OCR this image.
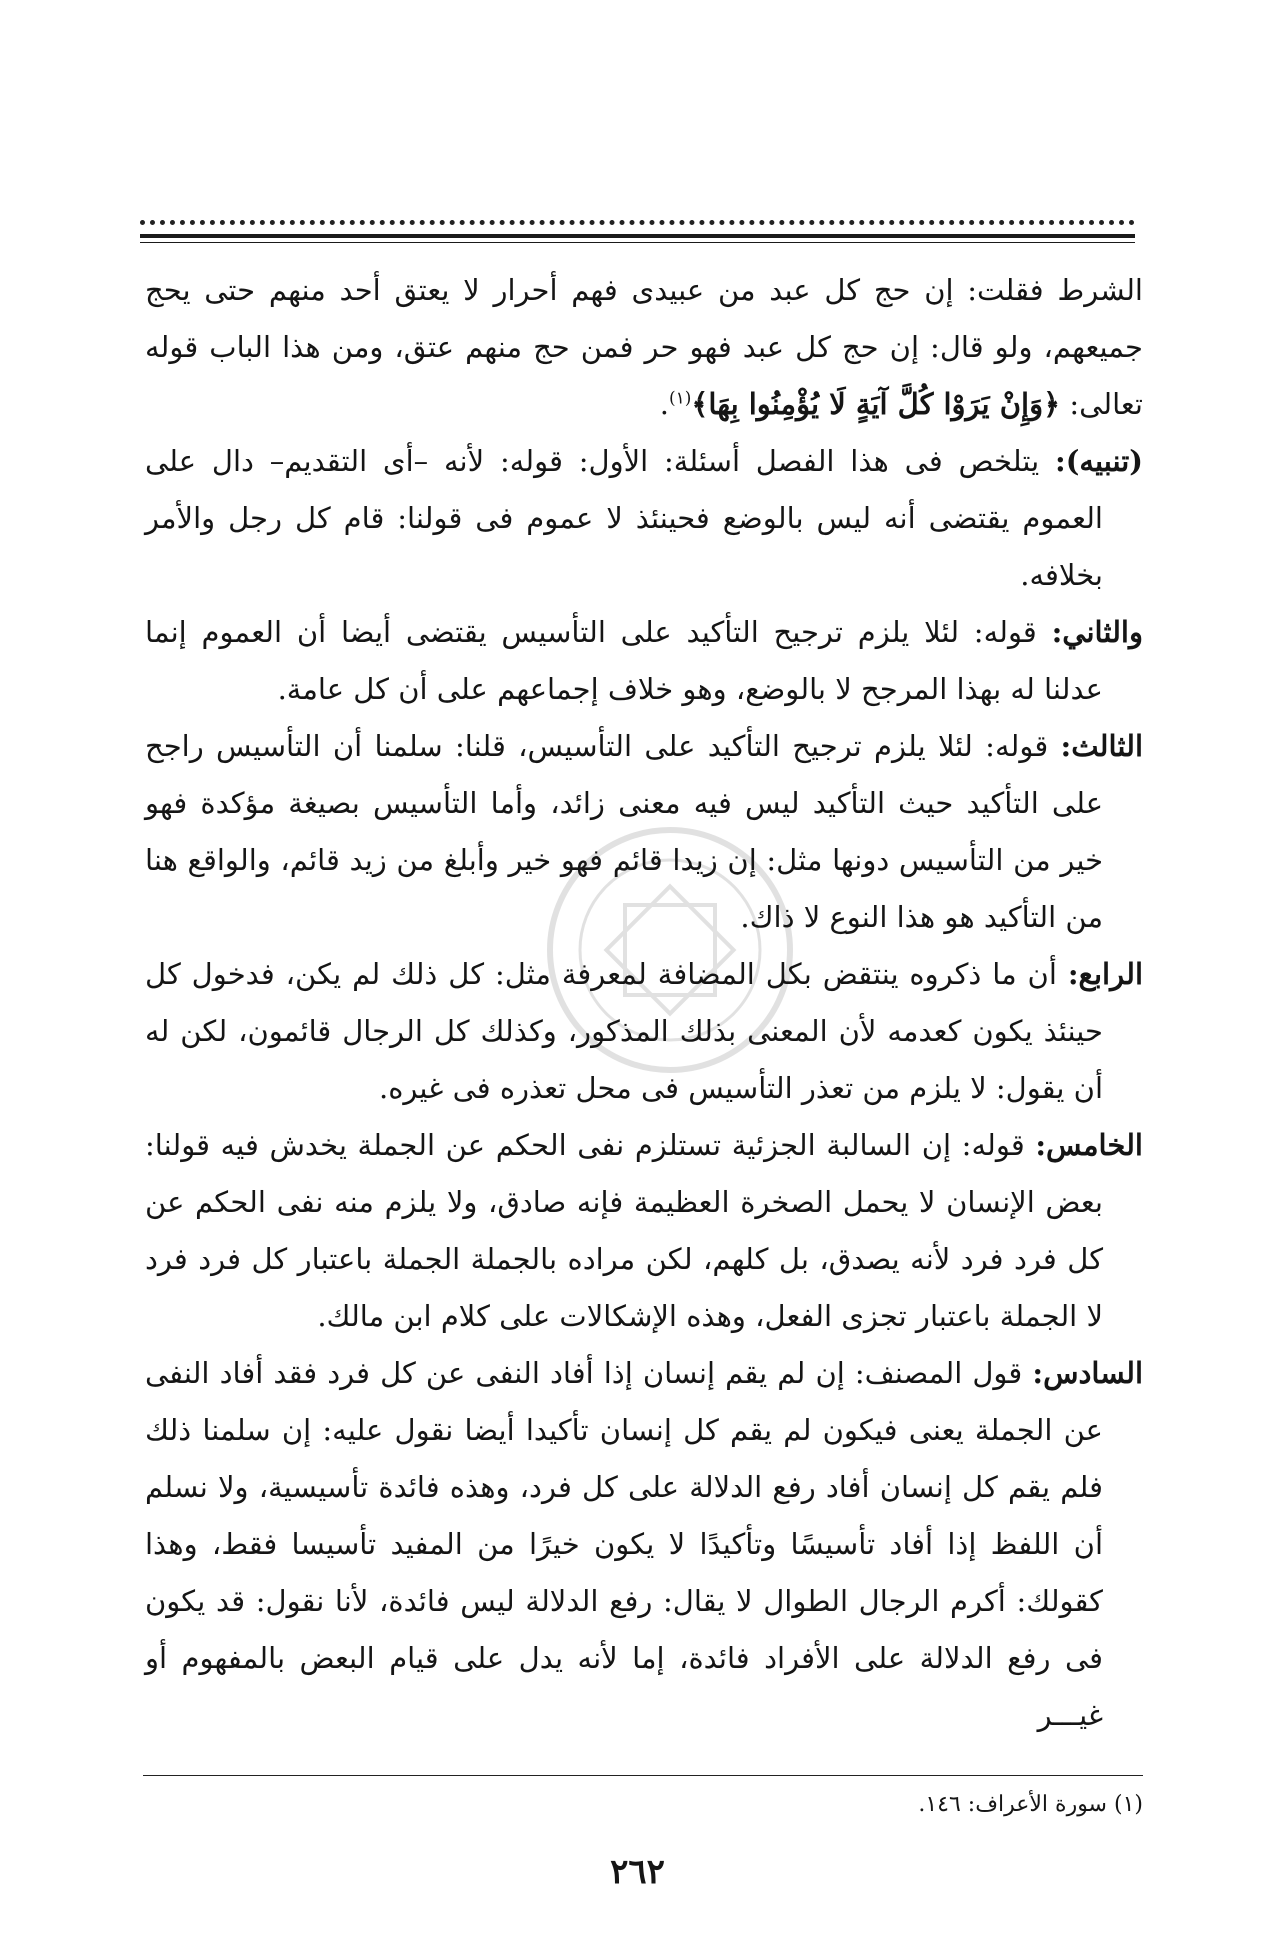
الشرط فقلت: إن حج كل عبد من عبيدى فهم أحرار لا يعتق أحد منهم حتى يحج جميعهم، ولو قال: إن حج كل عبد فهو حر فمن حج منهم عتق، ومن هذا الباب قوله تعالى: ﴿وَإِنْ يَرَوْا كُلَّ آيَةٍ لَا يُؤْمِنُوا بِهَا﴾$^{(١)}$.

(تنبيه): يتلخص فى هذا الفصل أسئلة: الأول: قوله: لأنه –أى التقديم– دال على العموم يقتضى أنه ليس بالوضع فحينئذ لا عموم فى قولنا: قام كل رجل والأمر بخلافه.

والثاني: قوله: لئلا يلزم ترجيح التأكيد على التأسيس يقتضى أيضا أن العموم إنما عدلنا له بهذا المرجح لا بالوضع، وهو خلاف إجماعهم على أن كل عامة.

الثالث: قوله: لئلا يلزم ترجيح التأكيد على التأسيس، قلنا: سلمنا أن التأسيس راجح على التأكيد حيث التأكيد ليس فيه معنى زائد، وأما التأسيس بصيغة مؤكدة فهو خير من التأسيس دونها مثل: إن زيدا قائم فهو خير وأبلغ من زيد قائم، والواقع هنا من التأكيد هو هذا النوع لا ذاك.

الرابع: أن ما ذكروه ينتقض بكل المضافة لمعرفة مثل: كل ذلك لم يكن، فدخول كل حينئذ يكون كعدمه لأن المعنى بذلك المذكور، وكذلك كل الرجال قائمون، لكن له أن يقول: لا يلزم من تعذر التأسيس فى محل تعذره فى غيره.

الخامس: قوله: إن السالبة الجزئية تستلزم نفى الحكم عن الجملة يخدش فيه قولنا: بعض الإنسان لا يحمل الصخرة العظيمة فإنه صادق، ولا يلزم منه نفى الحكم عن كل فرد فرد لأنه يصدق، بل كلهم، لكن مراده بالجملة الجملة باعتبار كل فرد فرد لا الجملة باعتبار تجزى الفعل، وهذه الإشكالات على كلام ابن مالك.

السادس: قول المصنف: إن لم يقم إنسان إذا أفاد النفى عن كل فرد فقد أفاد النفى عن الجملة يعنى فيكون لم يقم كل إنسان تأكيدا أيضا نقول عليه: إن سلمنا ذلك فلم يقم كل إنسان أفاد رفع الدلالة على كل فرد، وهذه فائدة تأسيسية، ولا نسلم أن اللفظ إذا أفاد تأسيسًا وتأكيدًا لا يكون خيرًا من المفيد تأسيسا فقط، وهذا كقولك: أكرم الرجال الطوال لا يقال: رفع الدلالة ليس فائدة، لأنا نقول: قد يكون فى رفع الدلالة على الأفراد فائدة، إما لأنه يدل على قيام البعض بالمفهوم أو غيـــر

(١) سورة الأعراف: ١٤٦.
٢٦٢
